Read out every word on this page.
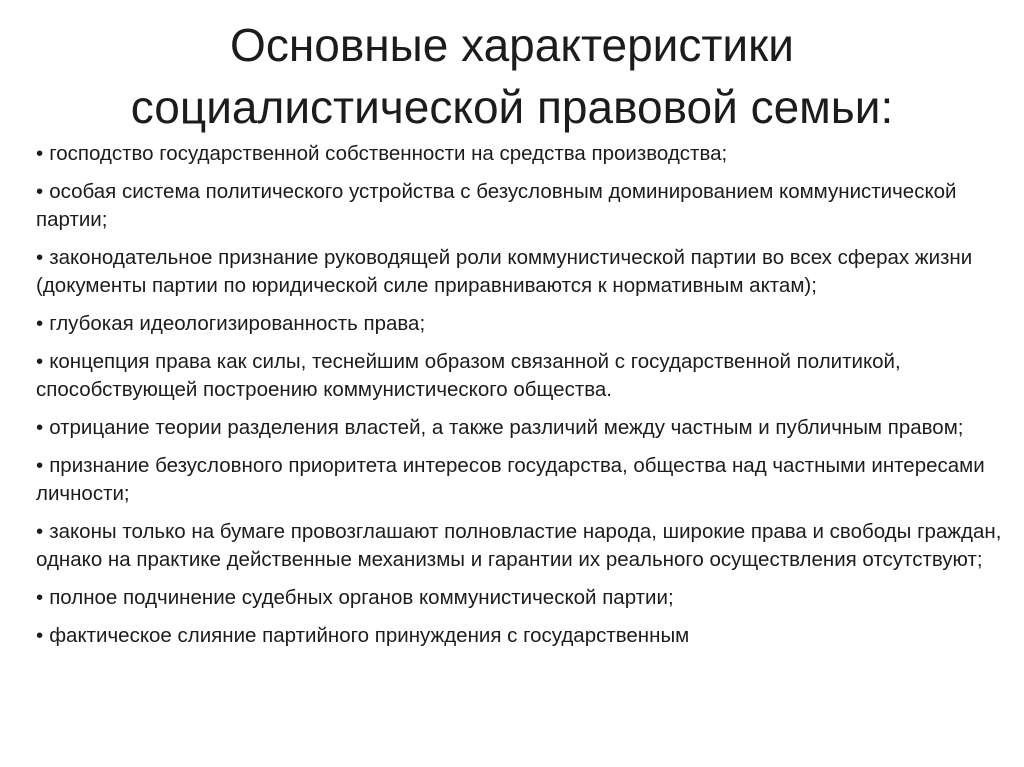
Основные характеристики
социалистической правовой семьи:
• господство государственной собственности на средства производства;
• особая система политического устройства с безусловным доминированием коммунистической партии;
• законодательное признание руководящей роли коммунистической партии во всех сферах жизни (документы партии по юридической силе приравниваются к нормативным актам);
• глубокая идеологизированность права;
• концепция права как силы, теснейшим образом связанной с государственной политикой, способствующей построению коммунистического общества.
• отрицание теории разделения властей, а также различий между частным и публичным правом;
• признание безусловного приоритета интересов государства, общества над частными интересами личности;
• законы только на бумаге провозглашают полновластие народа, широкие права и свободы граждан, однако на практике действенные механизмы и гарантии их реального осуществления отсутствуют;
• полное подчинение судебных органов коммунистической партии;
• фактическое слияние партийного принуждения с государственным
